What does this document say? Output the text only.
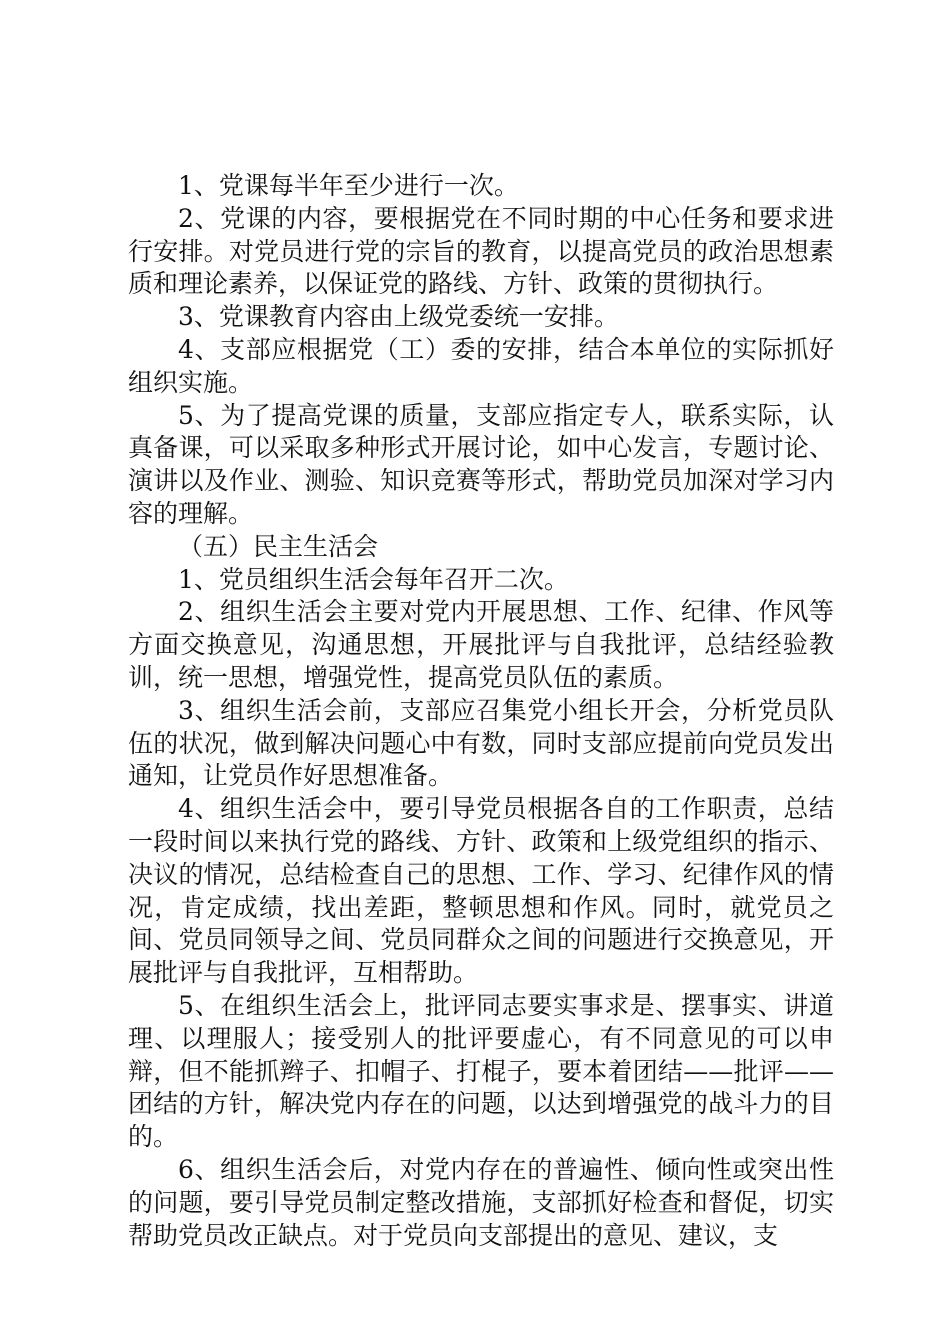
1、党课每半年至少进行一次。

2、党课的内容，要根据党在不同时期的中心任务和要求进行安排。对党员进行党的宗旨的教育，以提高党员的政治思想素质和理论素养，以保证党的路线、方针、政策的贯彻执行。

3、党课教育内容由上级党委统一安排。

4、支部应根据党（工）委的安排，结合本单位的实际抓好组织实施。

5、为了提高党课的质量，支部应指定专人，联系实际，认真备课，可以采取多种形式开展讨论，如中心发言，专题讨论、演讲以及作业、测验、知识竞赛等形式，帮助党员加深对学习内容的理解。

（五）民主生活会

1、党员组织生活会每年召开二次。

2、组织生活会主要对党内开展思想、工作、纪律、作风等方面交换意见，沟通思想，开展批评与自我批评，总结经验教训，统一思想，增强党性，提高党员队伍的素质。

3、组织生活会前，支部应召集党小组长开会，分析党员队伍的状况，做到解决问题心中有数，同时支部应提前向党员发出通知，让党员作好思想准备。

4、组织生活会中，要引导党员根据各自的工作职责，总结一段时间以来执行党的路线、方针、政策和上级党组织的指示、决议的情况，总结检查自己的思想、工作、学习、纪律作风的情况，肯定成绩，找出差距，整顿思想和作风。同时，就党员之间、党员同领导之间、党员同群众之间的问题进行交换意见，开展批评与自我批评，互相帮助。

5、在组织生活会上，批评同志要实事求是、摆事实、讲道理、以理服人；接受别人的批评要虚心，有不同意见的可以申辩，但不能抓辫子、扣帽子、打棍子，要本着团结——批评——团结的方针，解决党内存在的问题，以达到增强党的战斗力的目的。

6、组织生活会后，对党内存在的普遍性、倾向性或突出性的问题，要引导党员制定整改措施，支部抓好检查和督促，切实帮助党员改正缺点。对于党员向支部提出的意见、建议，支
